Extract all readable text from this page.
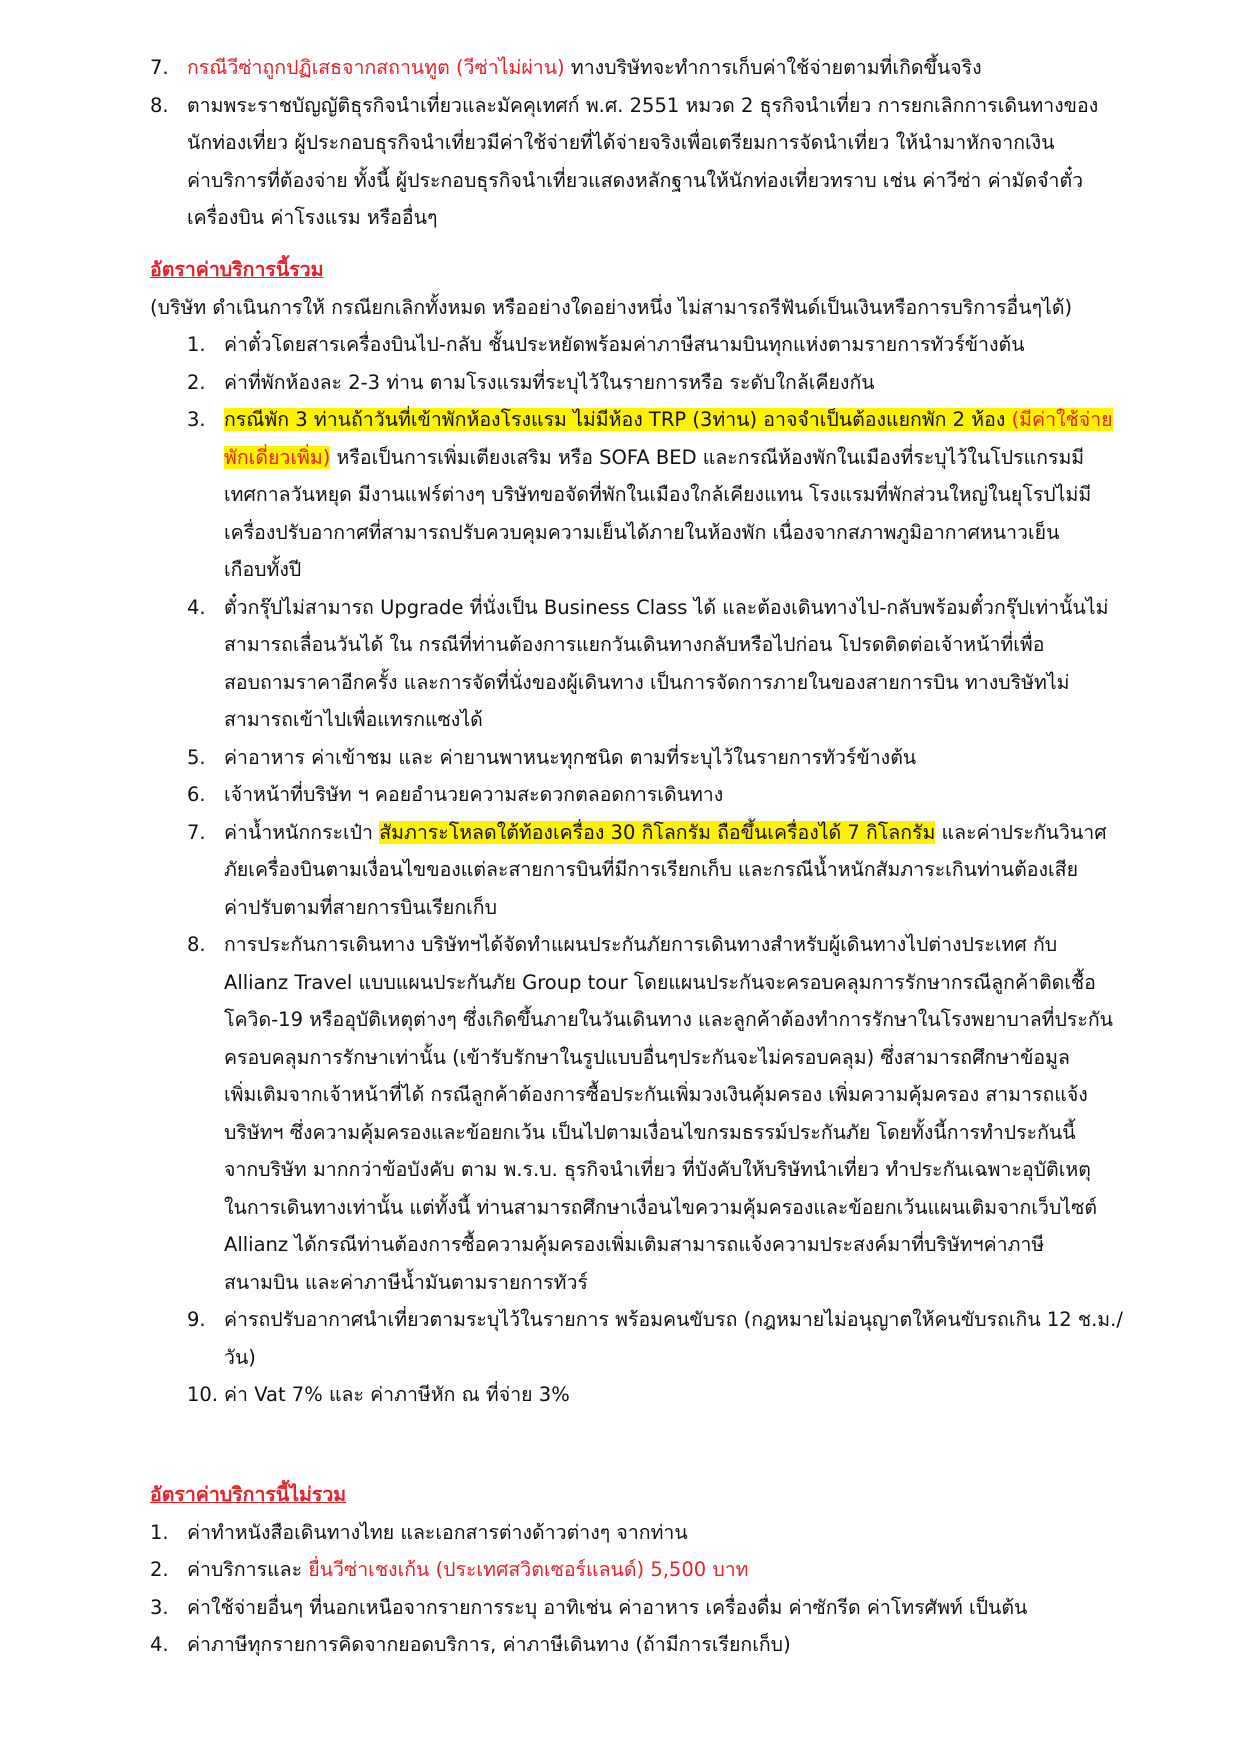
7. กรณีวีซ่าถูกปฏิเสธจากสถานทูต (วีซ่าไม่ผ่าน) ทางบริษัทจะทำการเก็บค่าใช้จ่ายตามที่เกิดขึ้นจริง
8. ตามพระราชบัญญัติธุรกิจนำเที่ยวและมัคคุเทศก์ พ.ศ. 2551 หมวด 2 ธุรกิจนำเที่ยว การยกเลิกการเดินทางของ
นักท่องเที่ยว ผู้ประกอบธุรกิจนำเที่ยวมีค่าใช้จ่ายที่ได้จ่ายจริงเพื่อเตรียมการจัดนำเที่ยว ให้นำมาหักจากเงิน
ค่าบริการที่ต้องจ่าย ทั้งนี้ ผู้ประกอบธุรกิจนำเที่ยวแสดงหลักฐานให้นักท่องเที่ยวทราบ เช่น ค่าวีซ่า ค่ามัดจำตั๋ว
เครื่องบิน ค่าโรงแรม หรืออื่นๆ
อัตราค่าบริการนี้รวม
(บริษัท ดำเนินการให้ กรณียกเลิกทั้งหมด หรืออย่างใดอย่างหนึ่ง ไม่สามารถรีฟันด์เป็นเงินหรือการบริการอื่นๆได้)
1. ค่าตั๋วโดยสารเครื่องบินไป-กลับ ชั้นประหยัดพร้อมค่าภาษีสนามบินทุกแห่งตามรายการทัวร์ข้างต้น
2. ค่าที่พักห้องละ 2-3 ท่าน ตามโรงแรมที่ระบุไว้ในรายการหรือ ระดับใกล้เคียงกัน
3. กรณีพัก 3 ท่านถ้าวันที่เข้าพักห้องโรงแรม ไม่มีห้อง TRP (3ท่าน) อาจจำเป็นต้องแยกพัก 2 ห้อง (มีค่าใช้จ่าย
พักเดี่ยวเพิ่ม) หรือเป็นการเพิ่มเตียงเสริม หรือ SOFA BED และกรณีห้องพักในเมืองที่ระบุไว้ในโปรแกรมมี
เทศกาลวันหยุด มีงานแฟร์ต่างๆ บริษัทขอจัดที่พักในเมืองใกล้เคียงแทน โรงแรมที่พักส่วนใหญ่ในยุโรปไม่มี
เครื่องปรับอากาศที่สามารถปรับควบคุมความเย็นได้ภายในห้องพัก เนื่องจากสภาพภูมิอากาศหนาวเย็น
เกือบทั้งปี
4. ตั๋วกรุ๊ปไม่สามารถ Upgrade ที่นั่งเป็น Business Class ได้ และต้องเดินทางไป-กลับพร้อมตั๋วกรุ๊ปเท่านั้นไม่
สามารถเลื่อนวันได้ ใน กรณีที่ท่านต้องการแยกวันเดินทางกลับหรือไปก่อน โปรดติดต่อเจ้าหน้าที่เพื่อ
สอบถามราคาอีกครั้ง และการจัดที่นั่งของผู้เดินทาง เป็นการจัดการภายในของสายการบิน ทางบริษัทไม่
สามารถเข้าไปเพื่อแทรกแซงได้
5. ค่าอาหาร ค่าเข้าชม และ ค่ายานพาหนะทุกชนิด ตามที่ระบุไว้ในรายการทัวร์ข้างต้น
6. เจ้าหน้าที่บริษัท ฯ คอยอำนวยความสะดวกตลอดการเดินทาง
7. ค่าน้ำหนักกระเป๋า สัมภาระโหลดใต้ท้องเครื่อง 30 กิโลกรัม ถือขึ้นเครื่องได้ 7 กิโลกรัม และค่าประกันวินาศ
ภัยเครื่องบินตามเงื่อนไขของแต่ละสายการบินที่มีการเรียกเก็บ และกรณีน้ำหนักสัมภาระเกินท่านต้องเสีย
ค่าปรับตามที่สายการบินเรียกเก็บ
8. การประกันการเดินทาง บริษัทฯได้จัดทำแผนประกันภัยการเดินทางสำหรับผู้เดินทางไปต่างประเทศ กับ
Allianz Travel แบบแผนประกันภัย Group tour โดยแผนประกันจะครอบคลุมการรักษากรณีลูกค้าติดเชื้อ
โควิด-19 หรืออุบัติเหตุต่างๆ ซึ่งเกิดขึ้นภายในวันเดินทาง และลูกค้าต้องทำการรักษาในโรงพยาบาลที่ประกัน
ครอบคลุมการรักษาเท่านั้น (เข้ารับรักษาในรูปแบบอื่นๆประกันจะไม่ครอบคลุม) ซึ่งสามารถศึกษาข้อมูล
เพิ่มเติมจากเจ้าหน้าที่ได้ กรณีลูกค้าต้องการซื้อประกันเพิ่มวงเงินคุ้มครอง เพิ่มความคุ้มครอง สามารถแจ้ง
บริษัทฯ ซึ่งความคุ้มครองและข้อยกเว้น เป็นไปตามเงื่อนไขกรมธรรม์ประกันภัย โดยทั้งนี้การทำประกันนี้
จากบริษัท มากกว่าข้อบังคับ ตาม พ.ร.บ. ธุรกิจนำเที่ยว ที่บังคับให้บริษัทนำเที่ยว ทำประกันเฉพาะอุบัติเหตุ
ในการเดินทางเท่านั้น แต่ทั้งนี้ ท่านสามารถศึกษาเงื่อนไขความคุ้มครองและข้อยกเว้นแผนเติมจากเว็บไซต์
Allianz ได้กรณีท่านต้องการซื้อความคุ้มครองเพิ่มเติมสามารถแจ้งความประสงค์มาที่บริษัทฯค่าภาษี
สนามบิน และค่าภาษีน้ำมันตามรายการทัวร์
9. ค่ารถปรับอากาศนำเที่ยวตามระบุไว้ในรายการ พร้อมคนขับรถ (กฎหมายไม่อนุญาตให้คนขับรถเกิน 12 ช.ม./
วัน)
10. ค่า Vat 7% และ ค่าภาษีหัก ณ ที่จ่าย 3%
อัตราค่าบริการนี้ไม่รวม
1. ค่าทำหนังสือเดินทางไทย และเอกสารต่างด้าวต่างๆ จากท่าน
2. ค่าบริการและ ยื่นวีซ่าเชงเก้น (ประเทศสวิตเซอร์แลนด์) 5,500 บาท
3. ค่าใช้จ่ายอื่นๆ ที่นอกเหนือจากรายการระบุ อาทิเช่น ค่าอาหาร เครื่องดื่ม ค่าซักรีด ค่าโทรศัพท์ เป็นต้น
4. ค่าภาษีทุกรายการคิดจากยอดบริการ, ค่าภาษีเดินทาง (ถ้ามีการเรียกเก็บ)
